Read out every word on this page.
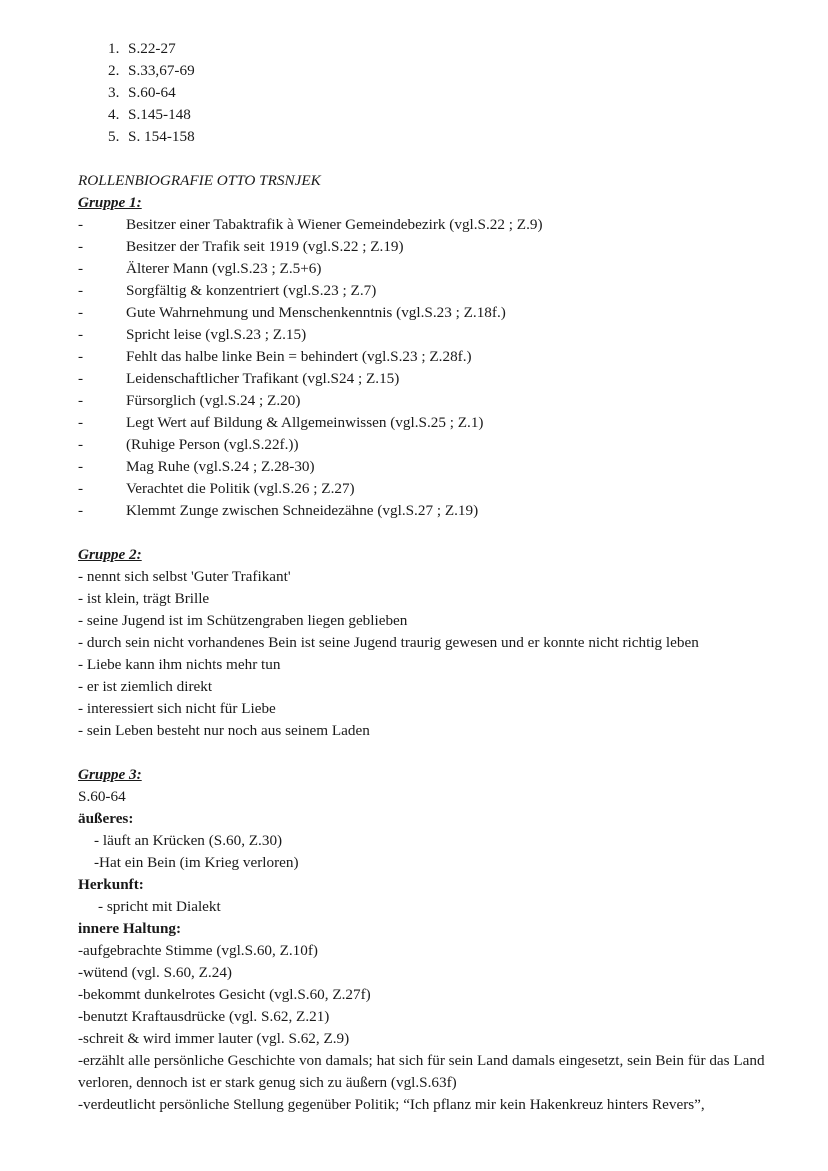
1. S.22-27
2. S.33,67-69
3. S.60-64
4. S.145-148
5. S. 154-158
ROLLENBIOGRAFIE OTTO TRSNJEK
Gruppe 1:
-	Besitzer einer Tabaktrafik à Wiener Gemeindebezirk (vgl.S.22 ; Z.9)
-	Besitzer der Trafik seit 1919 (vgl.S.22 ; Z.19)
-	Älterer Mann (vgl.S.23 ; Z.5+6)
-	Sorgfältig & konzentriert (vgl.S.23 ; Z.7)
-	Gute Wahrnehmung und Menschenkenntnis (vgl.S.23 ; Z.18f.)
-	Spricht leise (vgl.S.23 ; Z.15)
-	Fehlt das halbe linke Bein = behindert (vgl.S.23 ; Z.28f.)
-	Leidenschaftlicher Trafikant (vgl.S24 ; Z.15)
-	Fürsorglich (vgl.S.24 ; Z.20)
-	Legt Wert auf Bildung & Allgemeinwissen (vgl.S.25 ; Z.1)
-	(Ruhige Person (vgl.S.22f.))
-	Mag Ruhe (vgl.S.24 ; Z.28-30)
-	Verachtet die Politik (vgl.S.26 ; Z.27)
-	Klemmt Zunge zwischen Schneidezähne (vgl.S.27 ; Z.19)
Gruppe 2:
- nennt sich selbst 'Guter Trafikant'
- ist klein, trägt Brille
- seine Jugend ist im Schützengraben liegen geblieben
- durch sein nicht vorhandenes Bein ist seine Jugend traurig gewesen und er konnte nicht richtig leben
- Liebe kann ihm nichts mehr tun
- er ist ziemlich direkt
- interessiert sich nicht für Liebe
- sein Leben besteht nur noch aus seinem Laden
Gruppe 3:
S.60-64
äußeres:
- läuft an Krücken (S.60, Z.30)
-Hat ein Bein (im Krieg verloren)
Herkunft:
- spricht mit Dialekt
innere Haltung:
-aufgebrachte Stimme (vgl.S.60, Z.10f)
-wütend (vgl. S.60, Z.24)
-bekommt dunkelrotes Gesicht (vgl.S.60, Z.27f)
-benutzt Kraftausdrücke (vgl. S.62, Z.21)
-schreit & wird immer lauter (vgl. S.62, Z.9)
-erzählt alle persönliche Geschichte von damals; hat sich für sein Land damals eingesetzt, sein Bein für das Land verloren, dennoch ist er stark genug sich zu äußern (vgl.S.63f)
-verdeutlicht persönliche Stellung gegenüber Politik; “Ich pflanz mir kein Hakenkreuz hinters Revers”,
